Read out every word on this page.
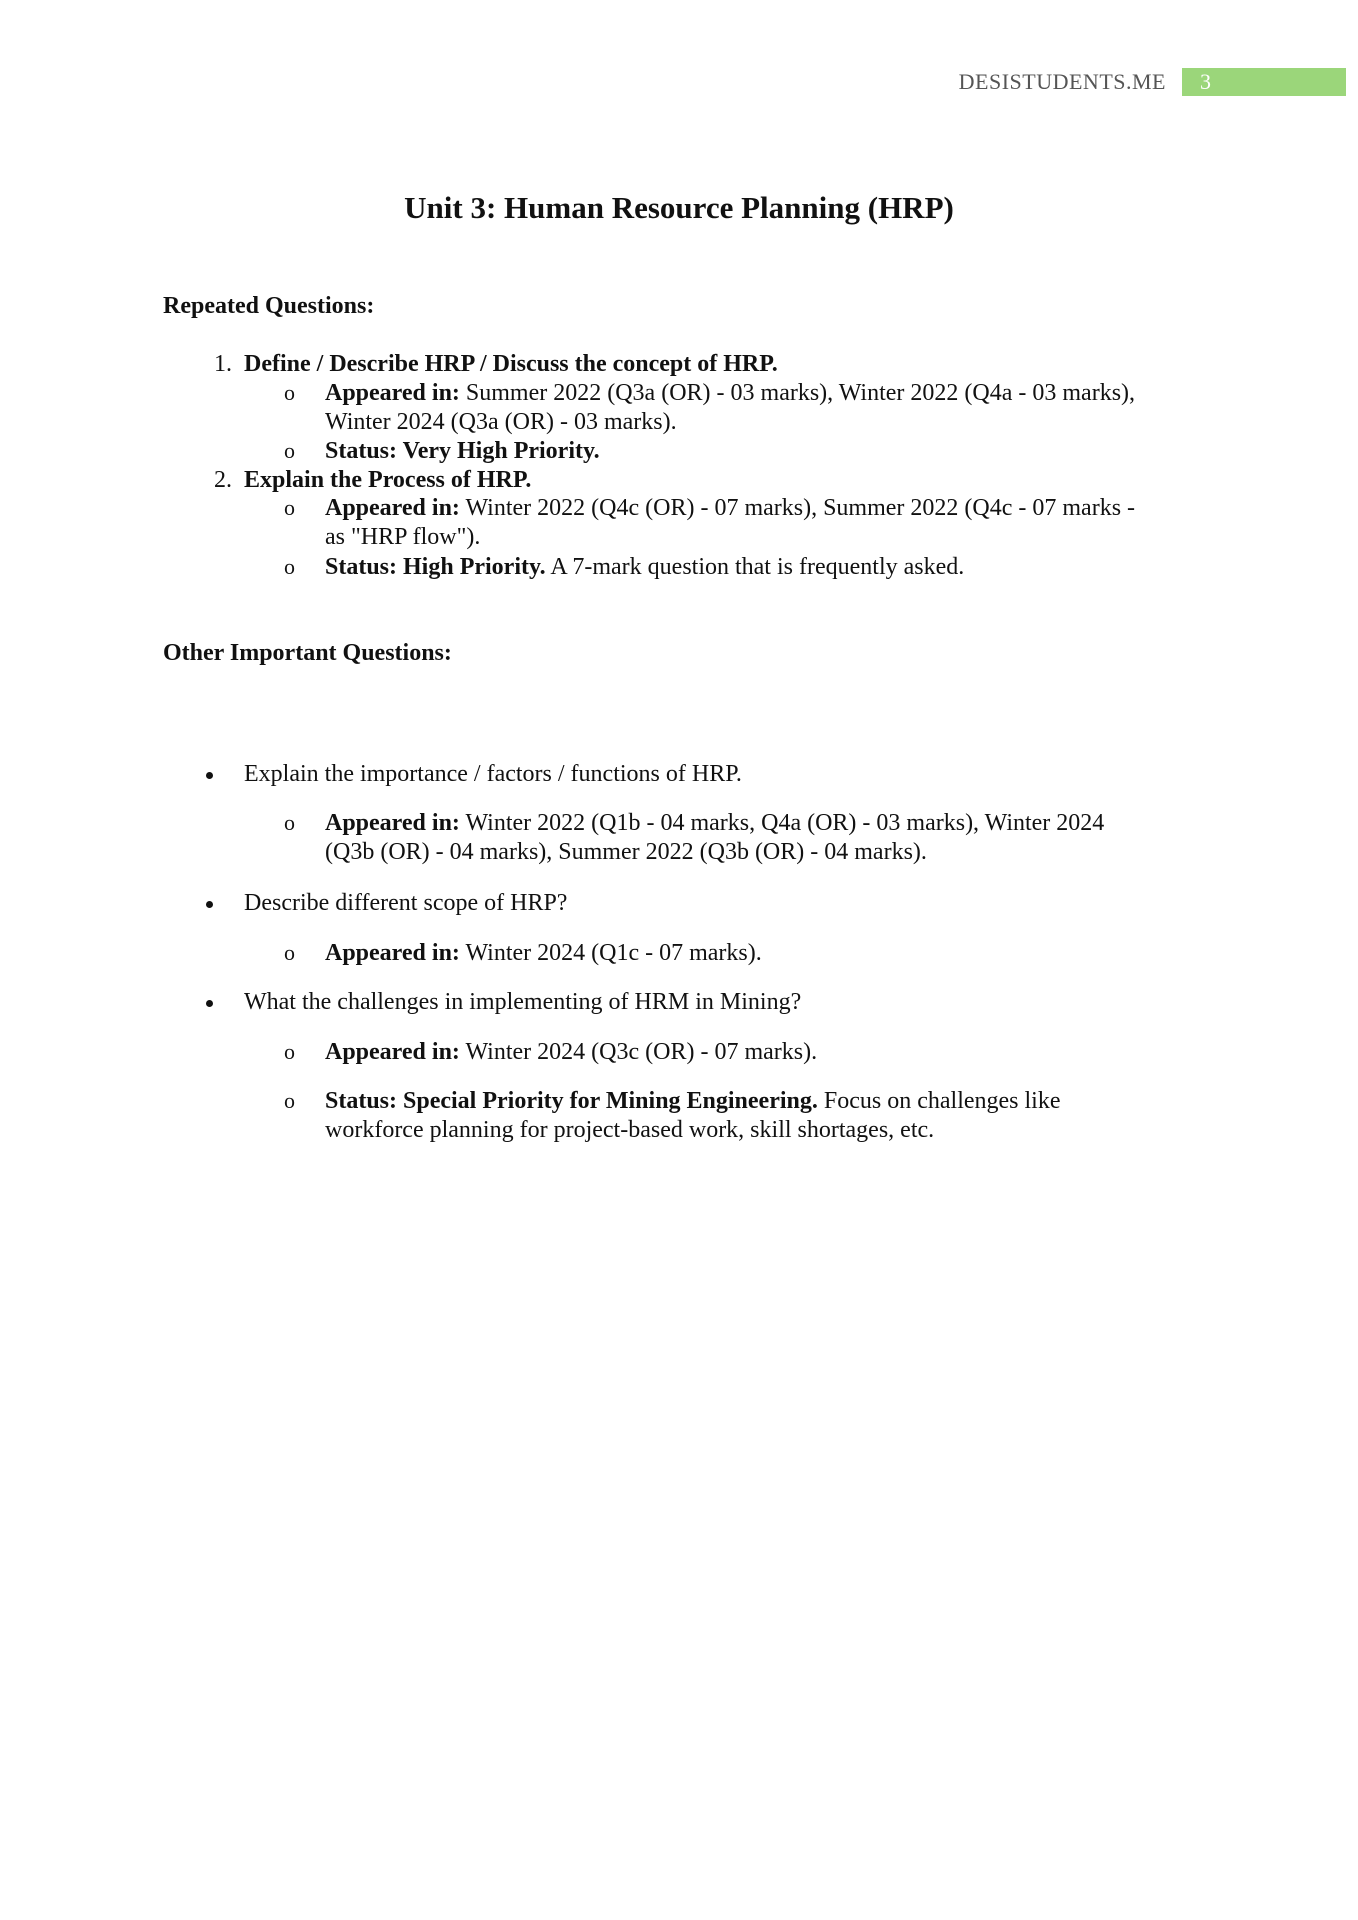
DESISTUDENTS.ME	3
Unit 3: Human Resource Planning (HRP)
Repeated Questions:
1. Define / Describe HRP / Discuss the concept of HRP.
o Appeared in: Summer 2022 (Q3a (OR) - 03 marks), Winter 2022 (Q4a - 03 marks),
Winter 2024 (Q3a (OR) - 03 marks).
o Status: Very High Priority.
2. Explain the Process of HRP.
o Appeared in: Winter 2022 (Q4c (OR) - 07 marks), Summer 2022 (Q4c - 07 marks -
as "HRP flow").
o Status: High Priority. A 7-mark question that is frequently asked.
Other Important Questions:
Explain the importance / factors / functions of HRP.
o Appeared in: Winter 2022 (Q1b - 04 marks, Q4a (OR) - 03 marks), Winter 2024
(Q3b (OR) - 04 marks), Summer 2022 (Q3b (OR) - 04 marks).
Describe different scope of HRP?
o Appeared in: Winter 2024 (Q1c - 07 marks).
What the challenges in implementing of HRM in Mining?
o Appeared in: Winter 2024 (Q3c (OR) - 07 marks).
o Status: Special Priority for Mining Engineering. Focus on challenges like
workforce planning for project-based work, skill shortages, etc.
